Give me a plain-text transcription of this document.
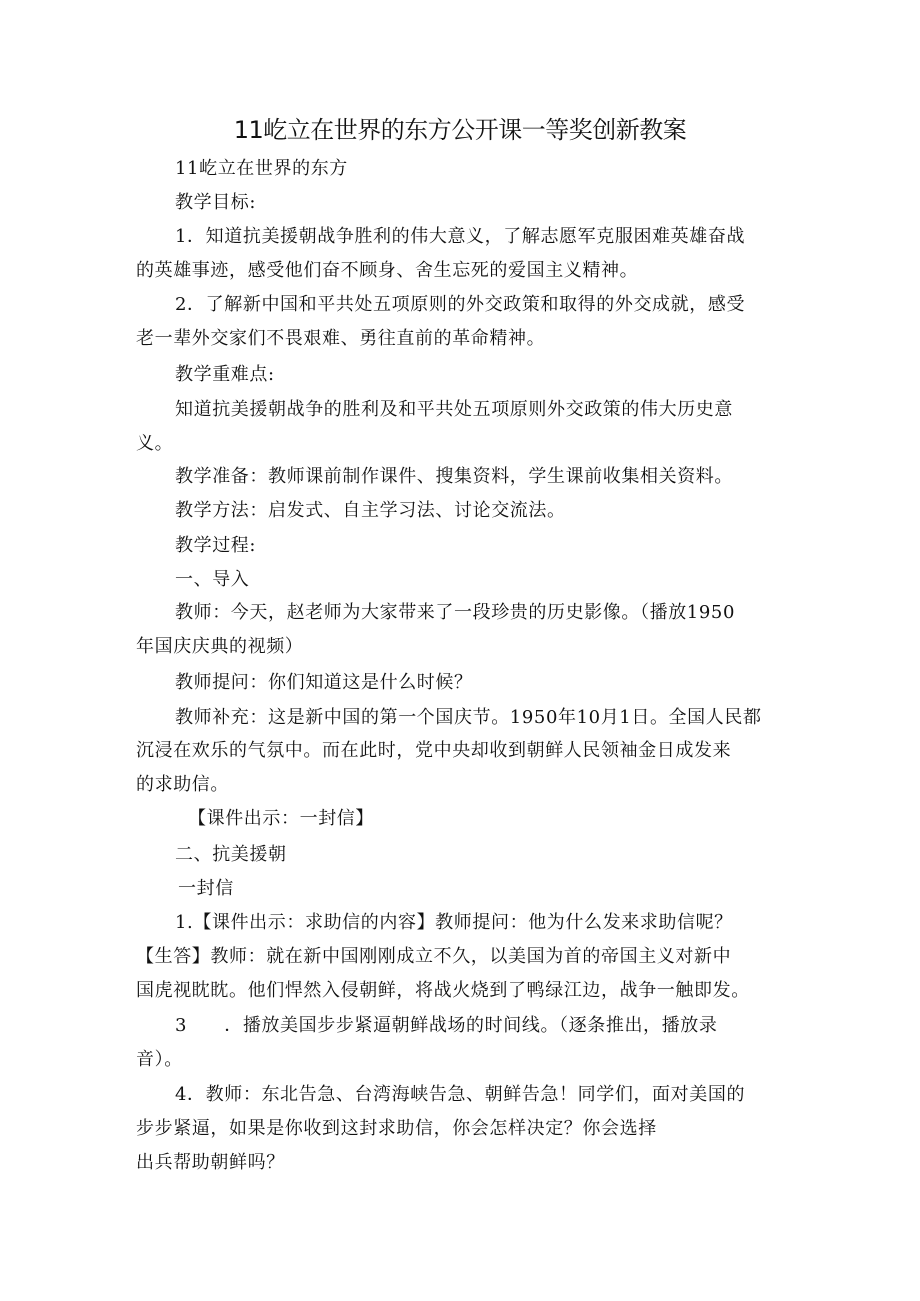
11屹立在世界的东方公开课一等奖创新教案
11屹立在世界的东方
教学目标:
1．知道抗美援朝战争胜利的伟大意义，了解志愿军克服困难英雄奋战
的英雄事迹，感受他们奋不顾身、舍生忘死的爱国主义精神。
2．了解新中国和平共处五项原则的外交政策和取得的外交成就，感受
老一辈外交家们不畏艰难、勇往直前的革命精神。
教学重难点:
知道抗美援朝战争的胜利及和平共处五项原则外交政策的伟大历史意
义。
教学准备：教师课前制作课件、搜集资料，学生课前收集相关资料。
教学方法：启发式、自主学习法、讨论交流法。
教学过程:
一、导入
教师：今天，赵老师为大家带来了一段珍贵的历史影像。（播放1950
年国庆庆典的视频）
教师提问：你们知道这是什么时候？
教师补充：这是新中国的第一个国庆节。1950年10月1日。全国人民都
沉浸在欢乐的气氛中。而在此时，党中央却收到朝鲜人民领袖金日成发来
的求助信。
【课件出示：一封信】
二、抗美援朝
一封信
1.【课件出示：求助信的内容】教师提问：他为什么发来求助信呢？
【生答】教师：就在新中国刚刚成立不久，以美国为首的帝国主义对新中
国虎视眈眈。他们悍然入侵朝鲜，将战火烧到了鸭绿江边，战争一触即发。
3　　．播放美国步步紧逼朝鲜战场的时间线。（逐条推出，播放录
音）。
4．教师：东北告急、台湾海峡告急、朝鲜告急！同学们，面对美国的
步步紧逼，如果是你收到这封求助信，你会怎样决定？你会选择
出兵帮助朝鲜吗？
